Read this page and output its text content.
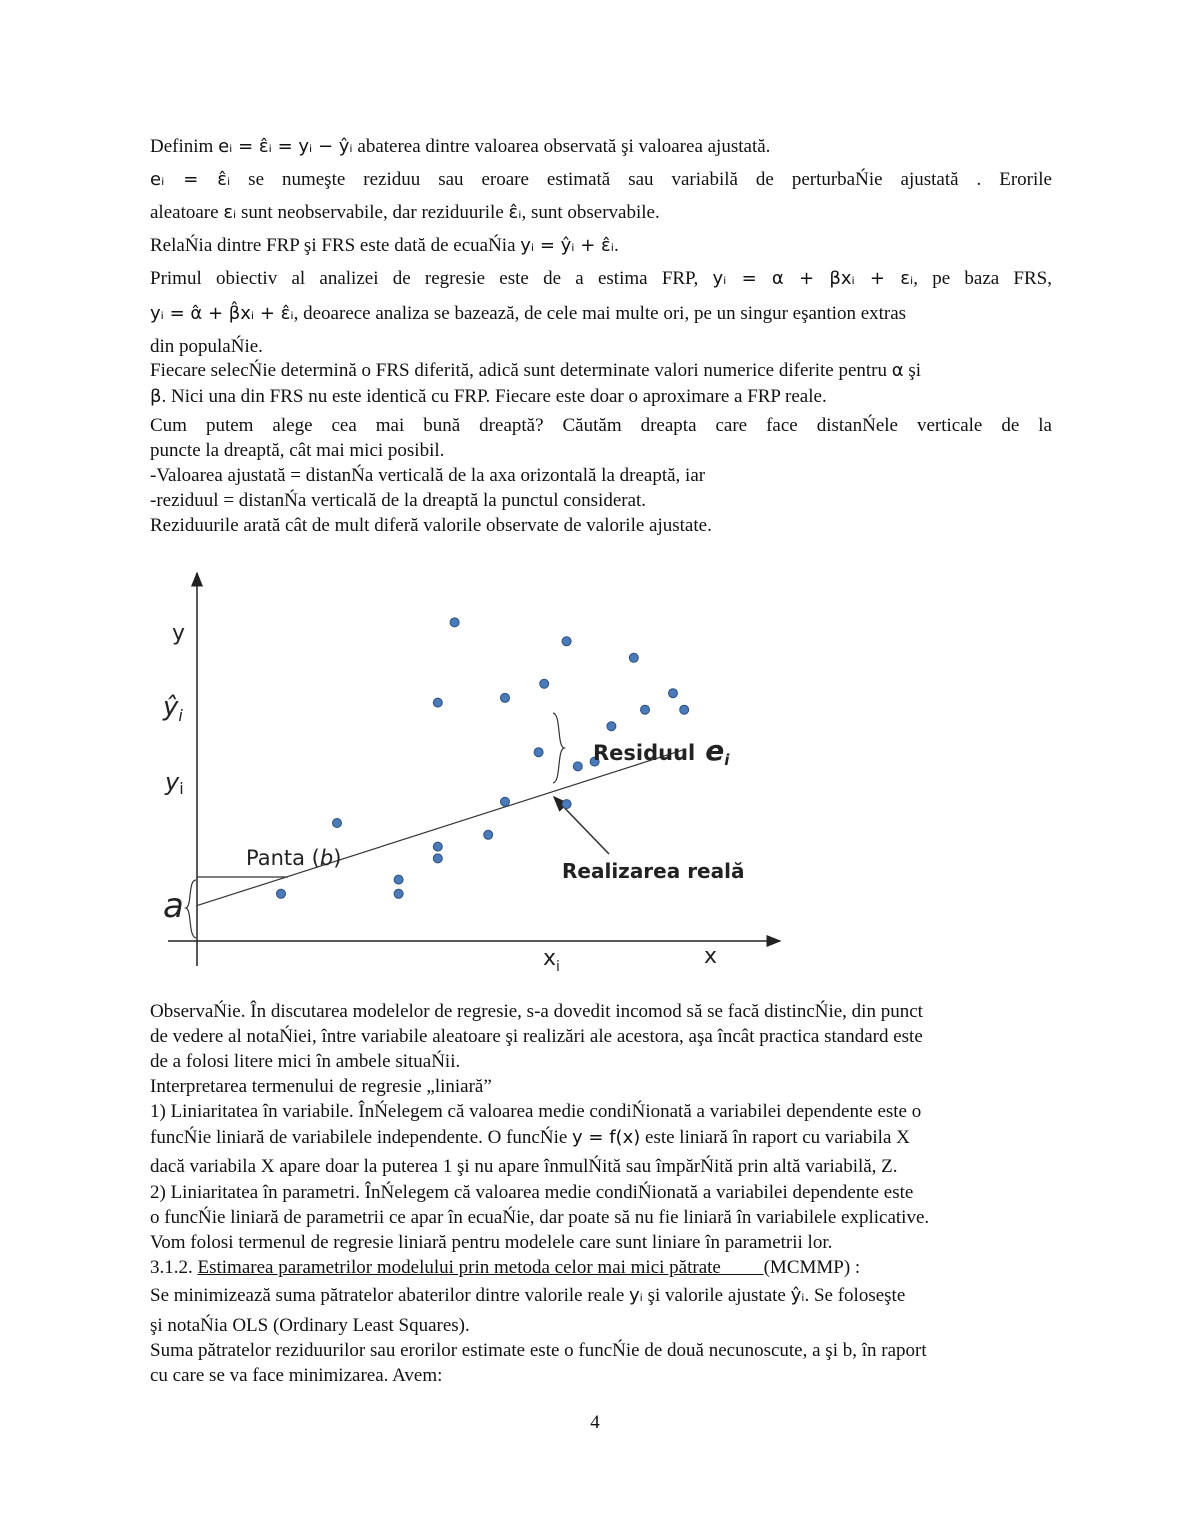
Definim eᵢ = ε̂ᵢ = yᵢ − ŷᵢ abaterea dintre valoarea observată şi valoarea ajustată.
eᵢ = ε̂ᵢ se numeşte reziduu sau eroare estimată sau variabilă de perturbaŃie ajustată . Erorile
aleatoare εᵢ sunt neobservabile, dar reziduurile ε̂ᵢ, sunt observabile.
RelaŃia dintre FRP şi FRS este dată de ecuaŃia yᵢ = ŷᵢ + ε̂ᵢ.
Primul obiectiv al analizei de regresie este de a estima FRP, yᵢ = α + βxᵢ + εᵢ, pe baza FRS,
yᵢ = α̂ + β̂xᵢ + ε̂ᵢ, deoarece analiza se bazează, de cele mai multe ori, pe un singur eşantion extras
din populaŃie.
Fiecare selecŃie determină o FRS diferită, adică sunt determinate valori numerice diferite pentru α şi
β. Nici una din FRS nu este identică cu FRP. Fiecare este doar o aproximare a FRP reale.
Cum putem alege cea mai bună dreaptă? Căutăm dreapta care face distanŃele verticale de la
puncte la dreaptă, cât mai mici posibil.
-Valoarea ajustată = distanŃa verticală de la axa orizontală la dreaptă, iar
-reziduul = distanŃa verticală de la dreaptă la punctul considerat.
Reziduurile arată cât de mult diferă valorile observate de valorile ajustate.
y
$ŷ_i$
yi
a
x
$x_i$
Panta (b)
Residuul $e_i$
Realizarea reală
ObservaŃie. În discutarea modelelor de regresie, s-a dovedit incomod să se facă distincŃie, din punct
de vedere al notaŃiei, între variabile aleatoare şi realizări ale acestora, aşa încât practica standard este
de a folosi litere mici în ambele situaŃii.
Interpretarea termenului de regresie „liniară”
1) Liniaritatea în variabile. ÎnŃelegem că valoarea medie condiŃionată a variabilei dependente este o
funcŃie liniară de variabilele independente. O funcŃie y = f(x) este liniară în raport cu variabila X
dacă variabila X apare doar la puterea 1 şi nu apare înmulŃită sau împărŃită prin altă variabilă, Z.
2) Liniaritatea în parametri. ÎnŃelegem că valoarea medie condiŃionată a variabilei dependente este
o funcŃie liniară de parametrii ce apar în ecuaŃie, dar poate să nu fie liniară în variabilele explicative.
Vom folosi termenul de regresie liniară pentru modelele care sunt liniare în parametrii lor.
3.1.2. Estimarea parametrilor modelului prin metoda celor mai mici pătrate (MCMMP) :
Se minimizează suma pătratelor abaterilor dintre valorile reale yᵢ şi valorile ajustate ŷᵢ. Se foloseşte
şi notaŃia OLS (Ordinary Least Squares).
Suma pătratelor reziduurilor sau erorilor estimate este o funcŃie de două necunoscute, a şi b, în raport
cu care se va face minimizarea. Avem:
4
